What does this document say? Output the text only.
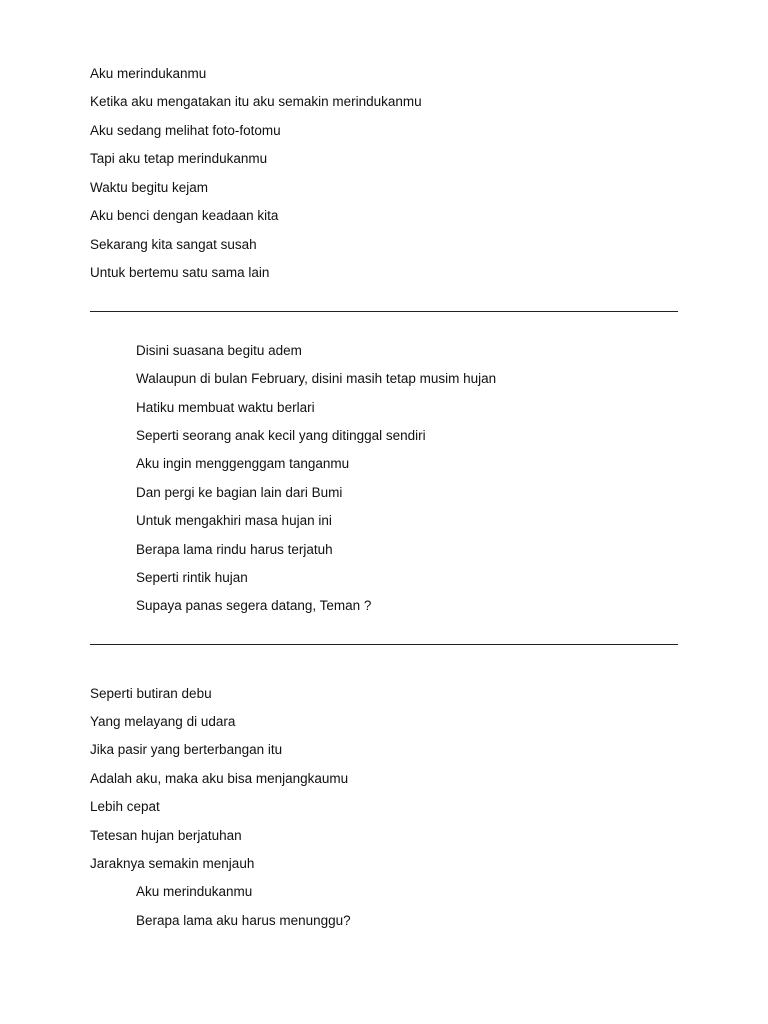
Aku merindukanmu
Ketika aku mengatakan itu aku semakin merindukanmu
Aku sedang melihat foto-fotomu
Tapi aku tetap merindukanmu
Waktu begitu kejam
Aku benci dengan keadaan kita
Sekarang kita sangat susah
Untuk bertemu satu sama lain
Disini suasana begitu adem
Walaupun di bulan February, disini masih tetap musim hujan
Hatiku membuat waktu berlari
Seperti seorang anak kecil yang ditinggal sendiri
Aku ingin menggenggam tanganmu
Dan pergi ke bagian lain dari Bumi
Untuk mengakhiri masa hujan ini
Berapa lama rindu harus terjatuh
Seperti rintik hujan
Supaya panas segera datang, Teman ?
Seperti butiran debu
Yang melayang di udara
Jika pasir yang berterbangan itu
Adalah aku, maka aku bisa menjangkaumu
Lebih cepat
Tetesan hujan berjatuhan
Jaraknya semakin menjauh
Aku merindukanmu
Berapa lama aku harus menunggu?
